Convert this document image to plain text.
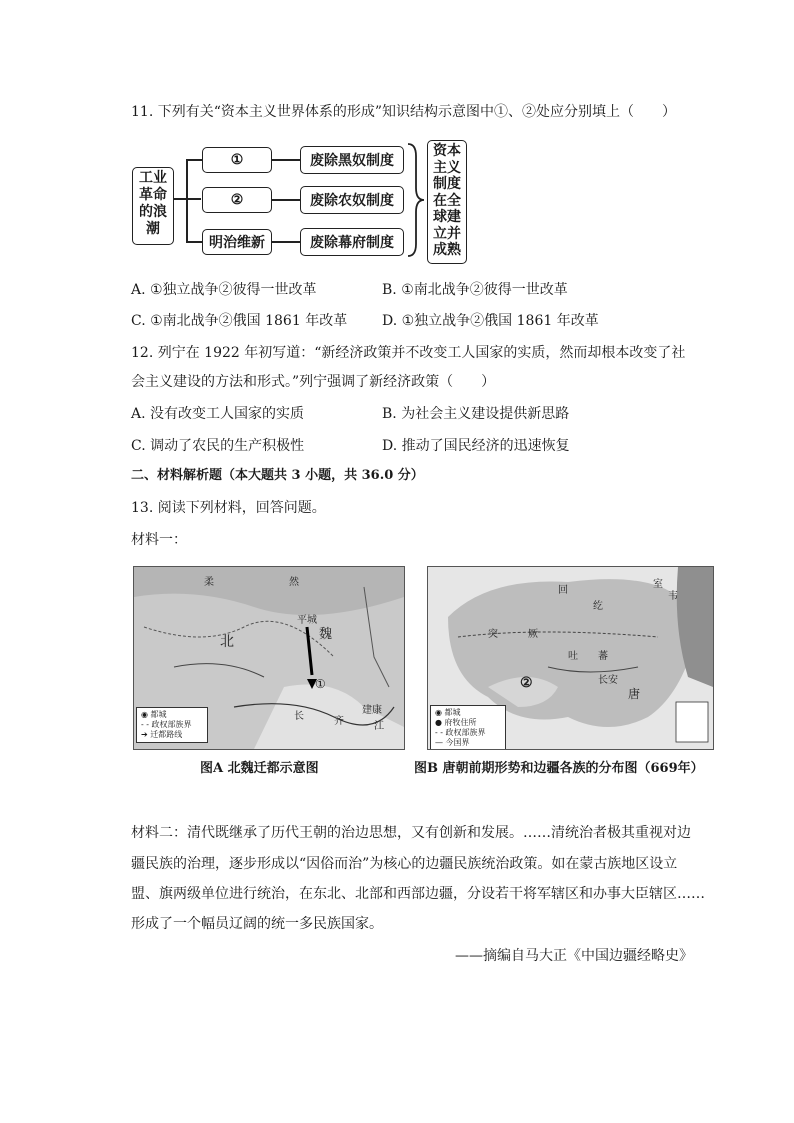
11. 下列有关“资本主义世界体系的形成”知识结构示意图中①、②处应分别填上（　　）
工业革命的浪潮
①
②
明治维新
废除黑奴制度
废除农奴制度
废除幕府制度
资本主义制度在全球建立并成熟
A. ①独立战争②彼得一世改革	B. ①南北战争②彼得一世改革
C. ①南北战争②俄国 1861 年改革 D. ①独立战争②俄国 1861 年改革
12. 列宁在 1922 年初写道：“新经济政策并不改变工人国家的实质，然而却根本改变了社
会主义建设的方法和形式。”列宁强调了新经济政策（　　）
A. 没有改变工人国家的实质	B. 为社会主义建设提供新思路
C. 调动了农民的生产积极性	D. 推动了国民经济的迅速恢复
二、材料解析题（本大题共 3 小题，共 36.0 分）
13. 阅读下列材料，回答问题。
材料一：
柔	然
平城
魏
北
①
建康
齐
长
江
◉ 都城
- - 政权部族界
➔ 迁都路线
图A 北魏迁都示意图
回
纥
突	厥
吐 蕃
②	长安
唐
室
韦
◉ 都城
● 府牧住所
- - 政权部族界
— 今国界
图B 唐朝前期形势和边疆各族的分布图（669年）
材料二：清代既继承了历代王朝的治边思想，又有创新和发展。……清统治者极其重视对边
疆民族的治理，逐步形成以“因俗而治”为核心的边疆民族统治政策。如在蒙古族地区设立
盟、旗两级单位进行统治，在东北、北部和西部边疆，分设若干将军辖区和办事大臣辖区……
形成了一个幅员辽阔的统一多民族国家。
——摘编自马大正《中国边疆经略史》
